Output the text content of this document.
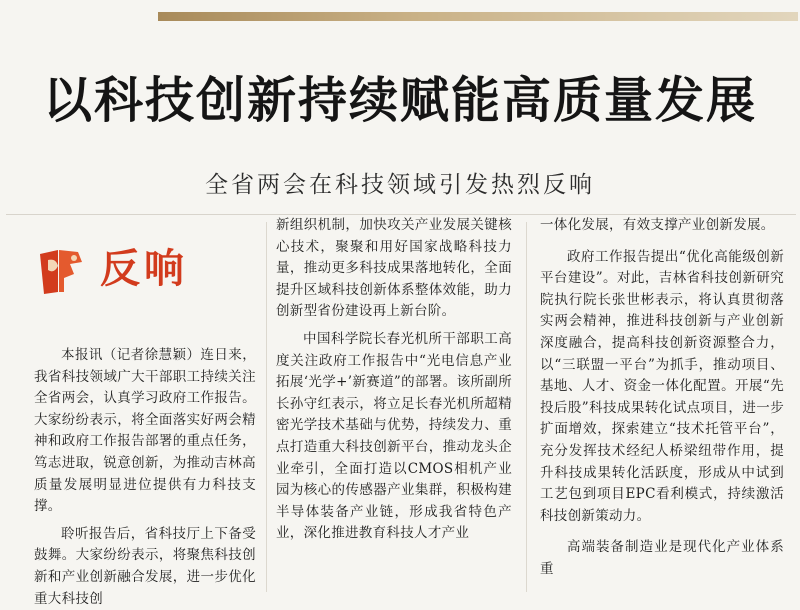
以科技创新持续赋能高质量发展
全省两会在科技领域引发热烈反响
反响

本报讯（记者徐慧颖）连日来，我省科技领域广大干部职工持续关注全省两会，认真学习政府工作报告。大家纷纷表示，将全面落实好两会精神和政府工作报告部署的重点任务，笃志进取，锐意创新，为推动吉林高质量发展明显进位提供有力科技支撑。

聆听报告后，省科技厅上下备受鼓舞。大家纷纷表示，将聚焦科技创新和产业创新融合发展，进一步优化重大科技创

新组织机制，加快攻关产业发展关键核心技术，聚聚和用好国家战略科技力量，推动更多科技成果落地转化，全面提升区域科技创新体系整体效能，助力创新型省份建设再上新台阶。

中国科学院长春光机所干部职工高度关注政府工作报告中“光电信息产业拓展‘光学+’新赛道”的部署。该所副所长孙守红表示，将立足长春光机所超精密光学技术基础与优势，持续发力、重点打造重大科技创新平台，推动龙头企业牵引，全面打造以CMOS相机产业园为核心的传感器产业集群，积极构建半导体装备产业链，形成我省特色产业，深化推进教育科技人才产业

一体化发展，有效支撑产业创新发展。

政府工作报告提出“优化高能级创新平台建设”。对此，吉林省科技创新研究院执行院长张世彬表示，将认真贯彻落实两会精神，推进科技创新与产业创新深度融合，提高科技创新资源整合力，以“三联盟一平台”为抓手，推动项目、基地、人才、资金一体化配置。开展“先投后股”科技成果转化试点项目，进一步扩面增效，探索建立“技术托管平台”，充分发挥技术经纪人桥梁纽带作用，提升科技成果转化活跃度，形成从中试到工艺包到项目EPC看利模式，持续激活科技创新策动力。

高端装备制造业是现代化产业体系重
